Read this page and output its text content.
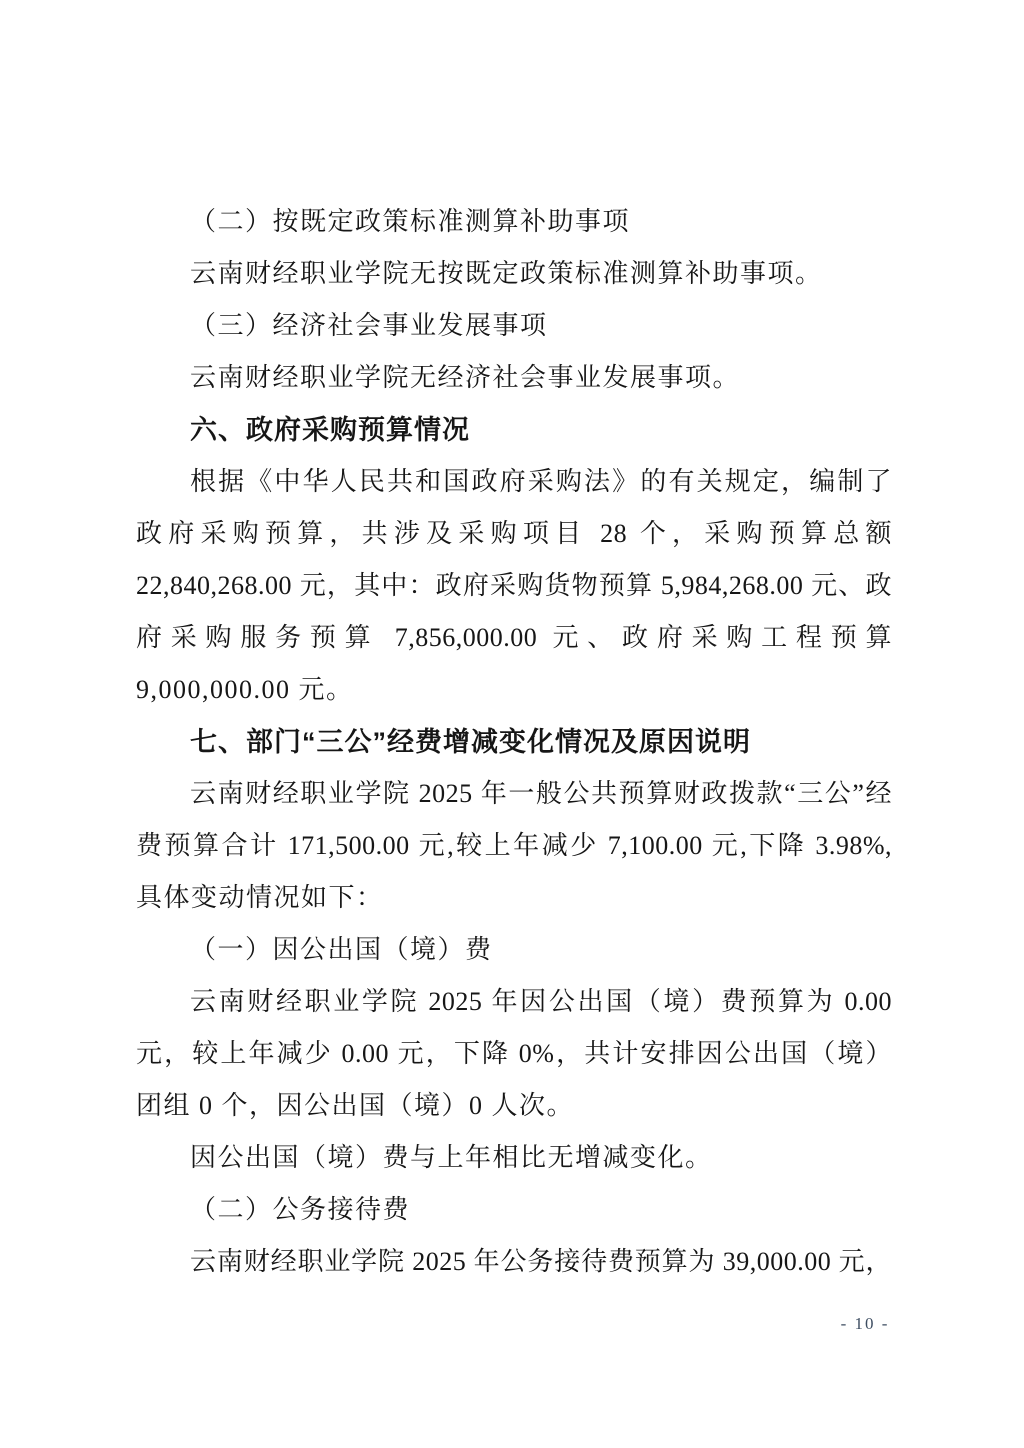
（二）按既定政策标准测算补助事项
云南财经职业学院无按既定政策标准测算补助事项。
（三）经济社会事业发展事项
云南财经职业学院无经济社会事业发展事项。
六、政府采购预算情况
根据《中华人民共和国政府采购法》的有关规定，编制了
政府采购预算，共涉及采购项目 28 个，采购预算总额
22,840,268.00 元，其中：政府采购货物预算 5,984,268.00 元、政
府采购服务预算 7,856,000.00 元、政府采购工程预算
9,000,000.00 元。
七、部门“三公”经费增减变化情况及原因说明
云南财经职业学院 2025 年一般公共预算财政拨款“三公”经
费预算合计 171,500.00 元,较上年减少 7,100.00 元,下降 3.98%,
具体变动情况如下：
（一）因公出国（境）费
云南财经职业学院 2025 年因公出国（境）费预算为 0.00
元，较上年减少 0.00 元，下降 0%，共计安排因公出国（境）
团组 0 个，因公出国（境）0 人次。
因公出国（境）费与上年相比无增减变化。
（二）公务接待费
云南财经职业学院 2025 年公务接待费预算为 39,000.00 元，
- 10 -
